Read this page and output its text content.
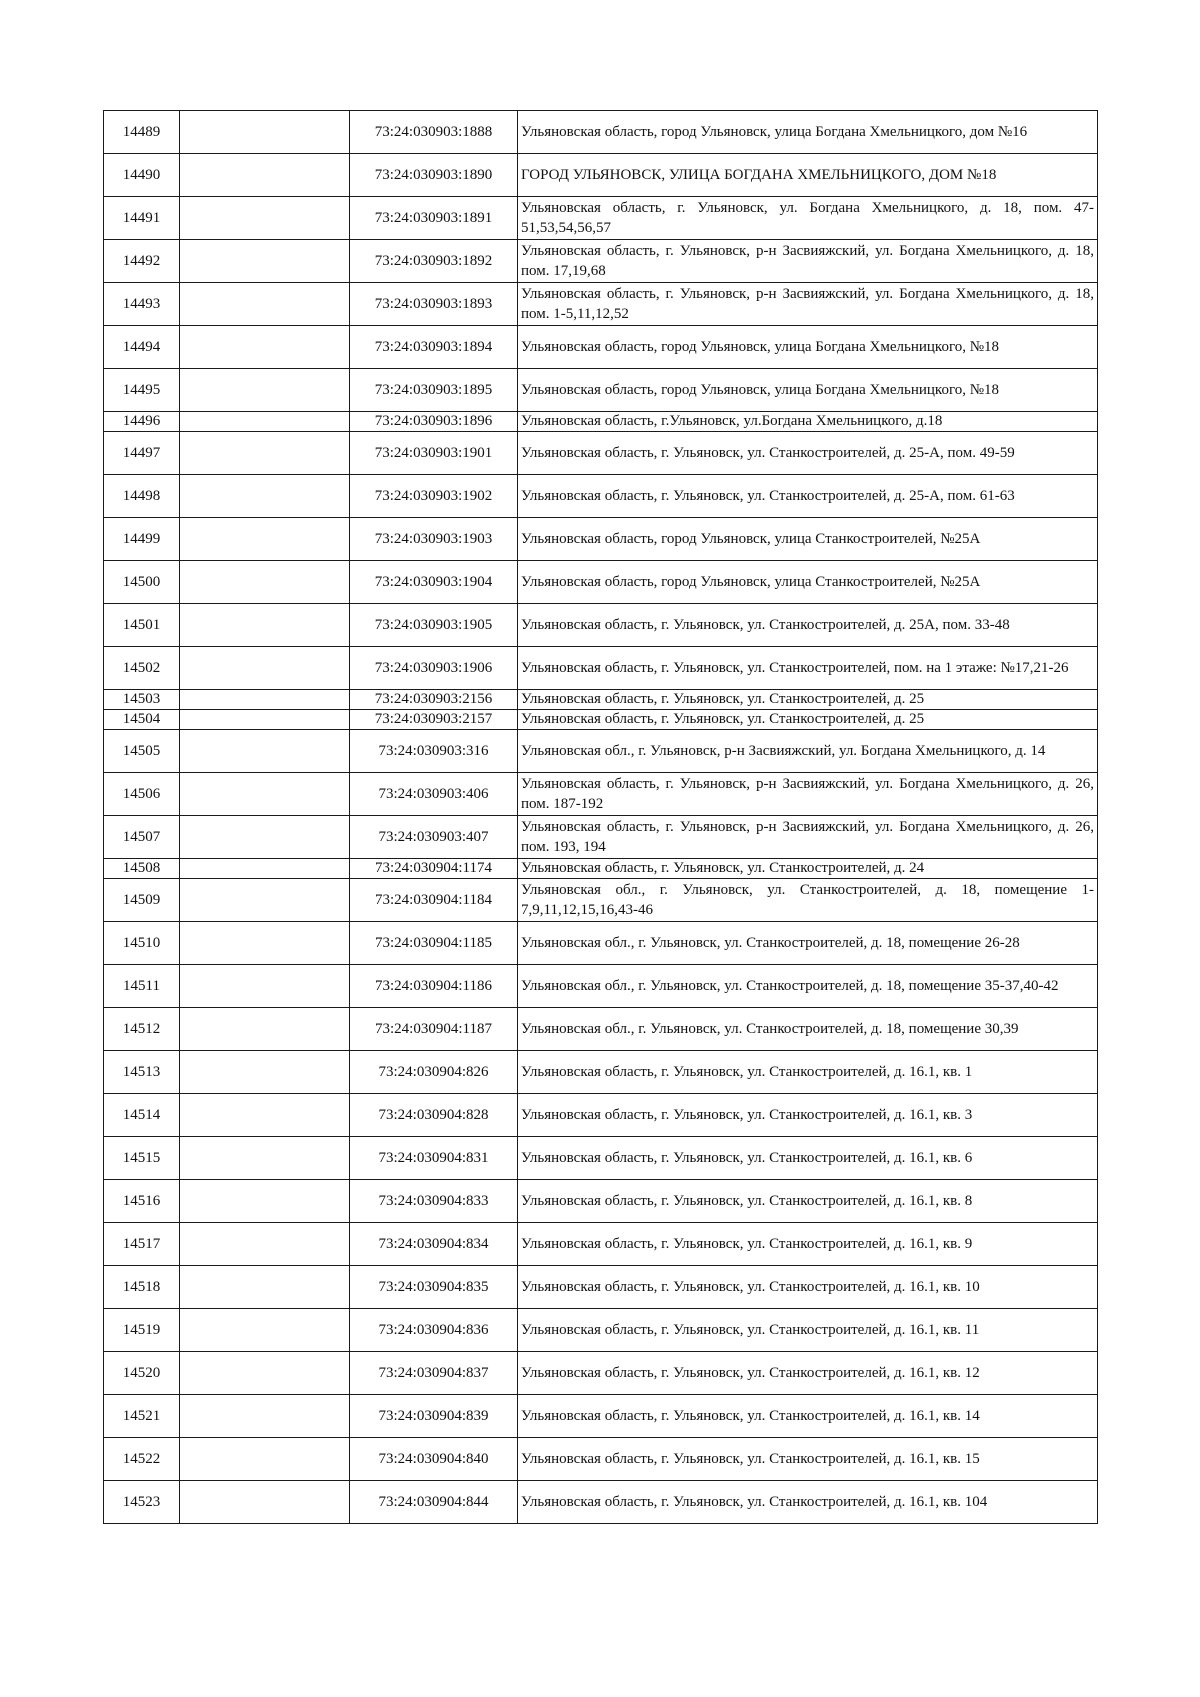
14489		73:24:030903:1888	Ульяновская область, город Ульяновск, улица Богдана Хмельницкого, дом №16
14490		73:24:030903:1890	ГОРОД УЛЬЯНОВСК, УЛИЦА БОГДАНА ХМЕЛЬНИЦКОГО, ДОМ №18
14491		73:24:030903:1891	Ульяновская область, г. Ульяновск, ул. Богдана Хмельницкого, д. 18, пом. 47-51,53,54,56,57
14492		73:24:030903:1892	Ульяновская область, г. Ульяновск, р-н Засвияжский, ул. Богдана Хмельницкого, д. 18, пом. 17,19,68
14493		73:24:030903:1893	Ульяновская область, г. Ульяновск, р-н Засвияжский, ул. Богдана Хмельницкого, д. 18, пом. 1-5,11,12,52
14494		73:24:030903:1894	Ульяновская область, город Ульяновск, улица Богдана Хмельницкого, №18
14495		73:24:030903:1895	Ульяновская область, город Ульяновск, улица Богдана Хмельницкого, №18
14496		73:24:030903:1896	Ульяновская область, г.Ульяновск, ул.Богдана Хмельницкого, д.18
14497		73:24:030903:1901	Ульяновская область, г. Ульяновск, ул. Станкостроителей, д. 25-А, пом. 49-59
14498		73:24:030903:1902	Ульяновская область, г. Ульяновск, ул. Станкостроителей, д. 25-А, пом. 61-63
14499		73:24:030903:1903	Ульяновская область, город Ульяновск, улица Станкостроителей, №25А
14500		73:24:030903:1904	Ульяновская область, город Ульяновск, улица Станкостроителей, №25А
14501		73:24:030903:1905	Ульяновская область, г. Ульяновск, ул. Станкостроителей, д. 25А, пом. 33-48
14502		73:24:030903:1906	Ульяновская область, г. Ульяновск, ул. Станкостроителей, пом. на 1 этаже: №17,21-26
14503		73:24:030903:2156	Ульяновская область, г. Ульяновск, ул. Станкостроителей, д. 25
14504		73:24:030903:2157	Ульяновская область, г. Ульяновск, ул. Станкостроителей, д. 25
14505		73:24:030903:316	Ульяновская обл., г. Ульяновск, р-н Засвияжский, ул. Богдана Хмельницкого, д. 14
14506		73:24:030903:406	Ульяновская область, г. Ульяновск, р-н Засвияжский, ул. Богдана Хмельницкого, д. 26, пом. 187-192
14507		73:24:030903:407	Ульяновская область, г. Ульяновск, р-н Засвияжский, ул. Богдана Хмельницкого, д. 26, пом. 193, 194
14508		73:24:030904:1174	Ульяновская область, г. Ульяновск, ул. Станкостроителей, д. 24
14509		73:24:030904:1184	Ульяновская обл., г. Ульяновск, ул. Станкостроителей, д. 18, помещение 1-7,9,11,12,15,16,43-46
14510		73:24:030904:1185	Ульяновская обл., г. Ульяновск, ул. Станкостроителей, д. 18, помещение 26-28
14511		73:24:030904:1186	Ульяновская обл., г. Ульяновск, ул. Станкостроителей, д. 18, помещение 35-37,40-42
14512		73:24:030904:1187	Ульяновская обл., г. Ульяновск, ул. Станкостроителей, д. 18, помещение 30,39
14513		73:24:030904:826	Ульяновская область, г. Ульяновск, ул. Станкостроителей, д. 16.1, кв. 1
14514		73:24:030904:828	Ульяновская область, г. Ульяновск, ул. Станкостроителей, д. 16.1, кв. 3
14515		73:24:030904:831	Ульяновская область, г. Ульяновск, ул. Станкостроителей, д. 16.1, кв. 6
14516		73:24:030904:833	Ульяновская область, г. Ульяновск, ул. Станкостроителей, д. 16.1, кв. 8
14517		73:24:030904:834	Ульяновская область, г. Ульяновск, ул. Станкостроителей, д. 16.1, кв. 9
14518		73:24:030904:835	Ульяновская область, г. Ульяновск, ул. Станкостроителей, д. 16.1, кв. 10
14519		73:24:030904:836	Ульяновская область, г. Ульяновск, ул. Станкостроителей, д. 16.1, кв. 11
14520		73:24:030904:837	Ульяновская область, г. Ульяновск, ул. Станкостроителей, д. 16.1, кв. 12
14521		73:24:030904:839	Ульяновская область, г. Ульяновск, ул. Станкостроителей, д. 16.1, кв. 14
14522		73:24:030904:840	Ульяновская область, г. Ульяновск, ул. Станкостроителей, д. 16.1, кв. 15
14523		73:24:030904:844	Ульяновская область, г. Ульяновск, ул. Станкостроителей, д. 16.1, кв. 104
